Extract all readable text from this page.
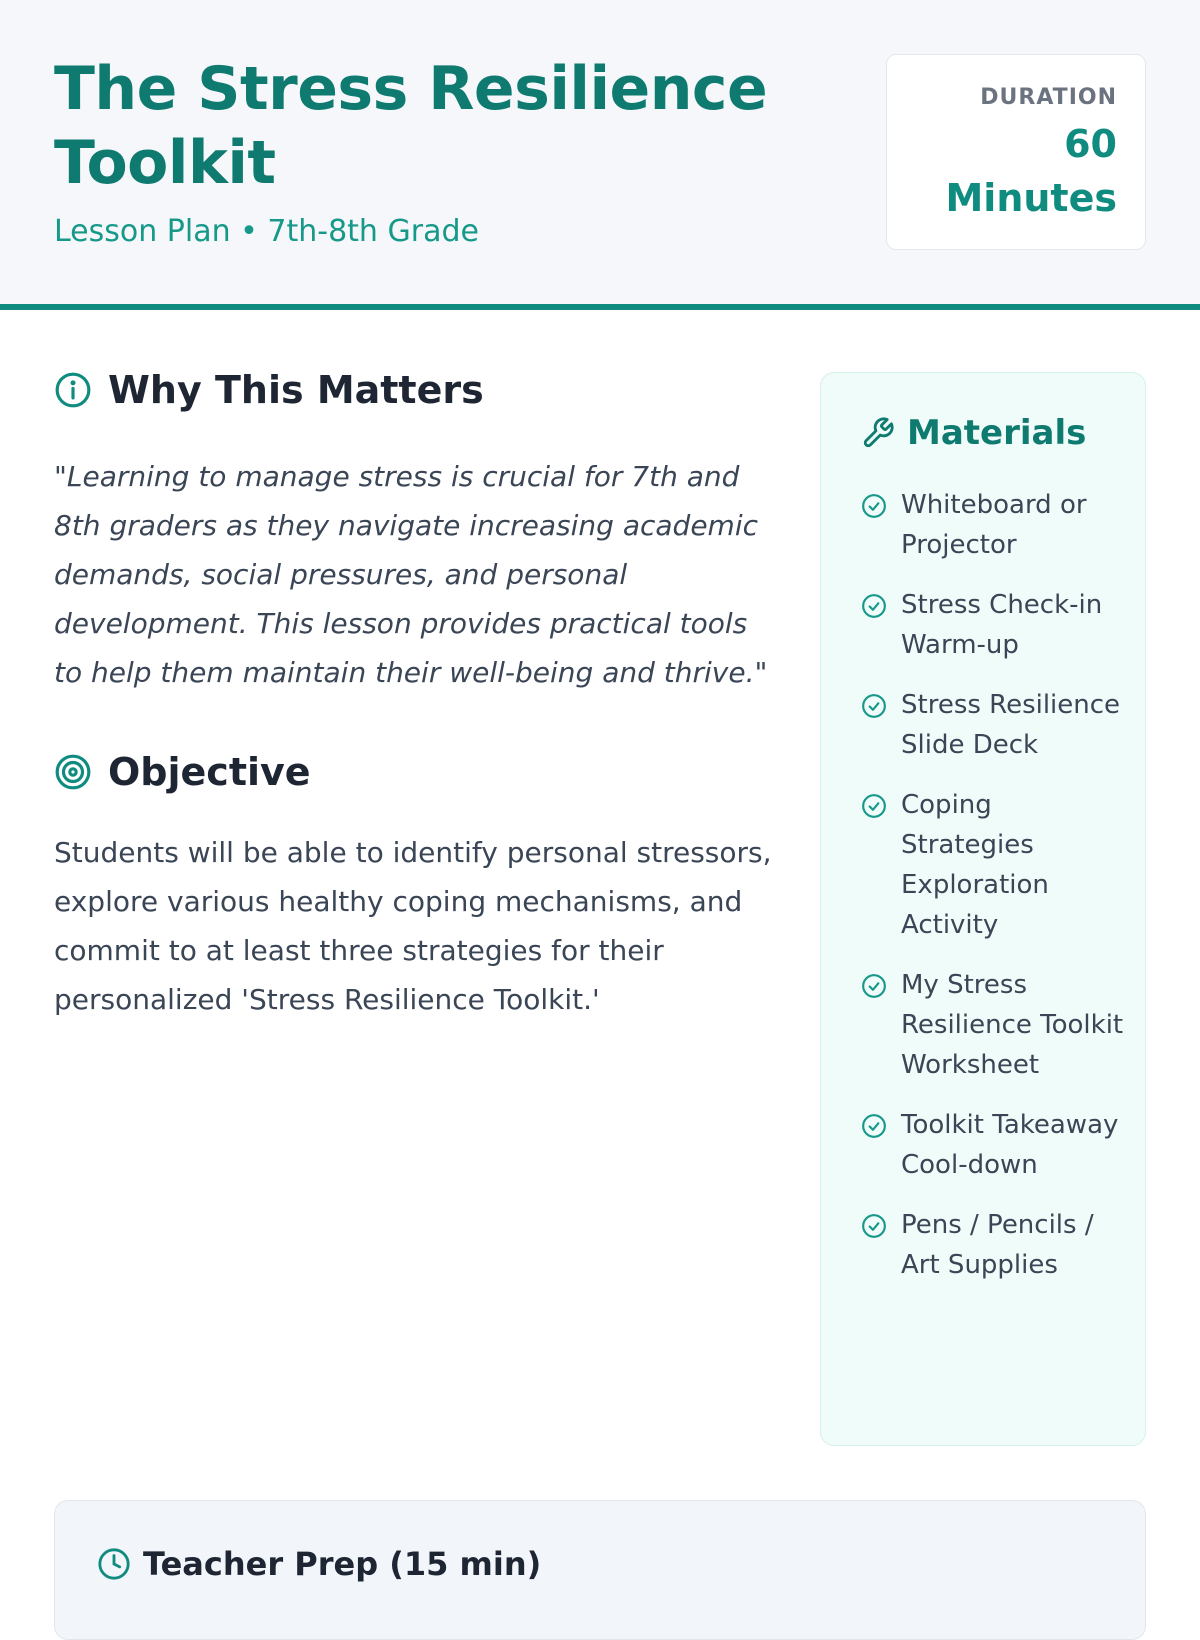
The Stress Resilience Toolkit
Lesson Plan • 7th-8th Grade
DURATION
60 Minutes
Why This Matters

"Learning to manage stress is crucial for 7th and 8th graders as they navigate increasing academic demands, social pressures, and personal development. This lesson provides practical tools to help them maintain their well-being and thrive."

Objective

Students will be able to identify personal stressors, explore various healthy coping mechanisms, and commit to at least three strategies for their personalized 'Stress Resilience Toolkit.'

Materials
Whiteboard or Projector
Stress Check-in Warm-up
Stress Resilience Slide Deck
Coping Strategies Exploration Activity
My Stress Resilience Toolkit Worksheet
Toolkit Takeaway Cool-down
Pens / Pencils / Art Supplies
Teacher Prep (15 min)
